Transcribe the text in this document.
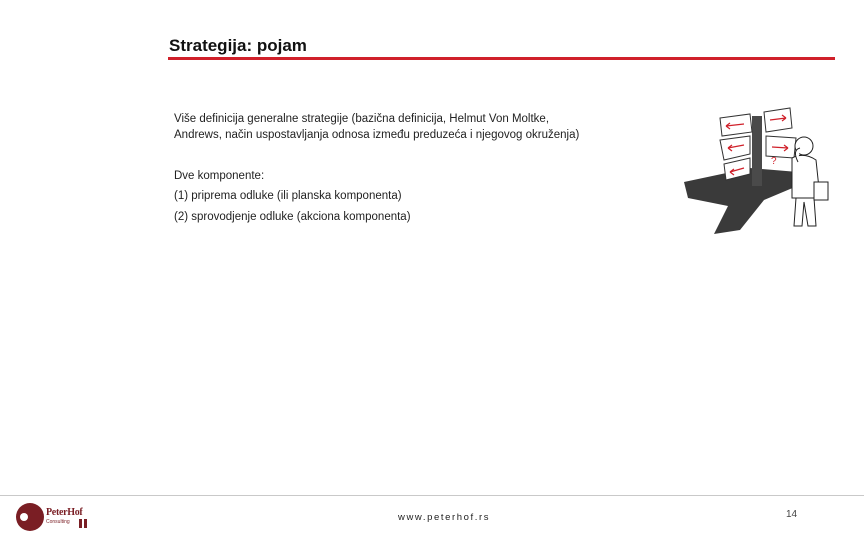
Strategija: pojam
Više definicija generalne strategije (bazična definicija, Helmut Von Moltke,
Andrews, način uspostavljanja odnosa između preduzeća i njegovog okruženja)
Dve komponente:
(1) priprema odluke (ili planska komponenta)
(2) sprovodjenje odluke (akciona komponenta)
?
PeterHof
Consulting	www.peterhof.rs	14
